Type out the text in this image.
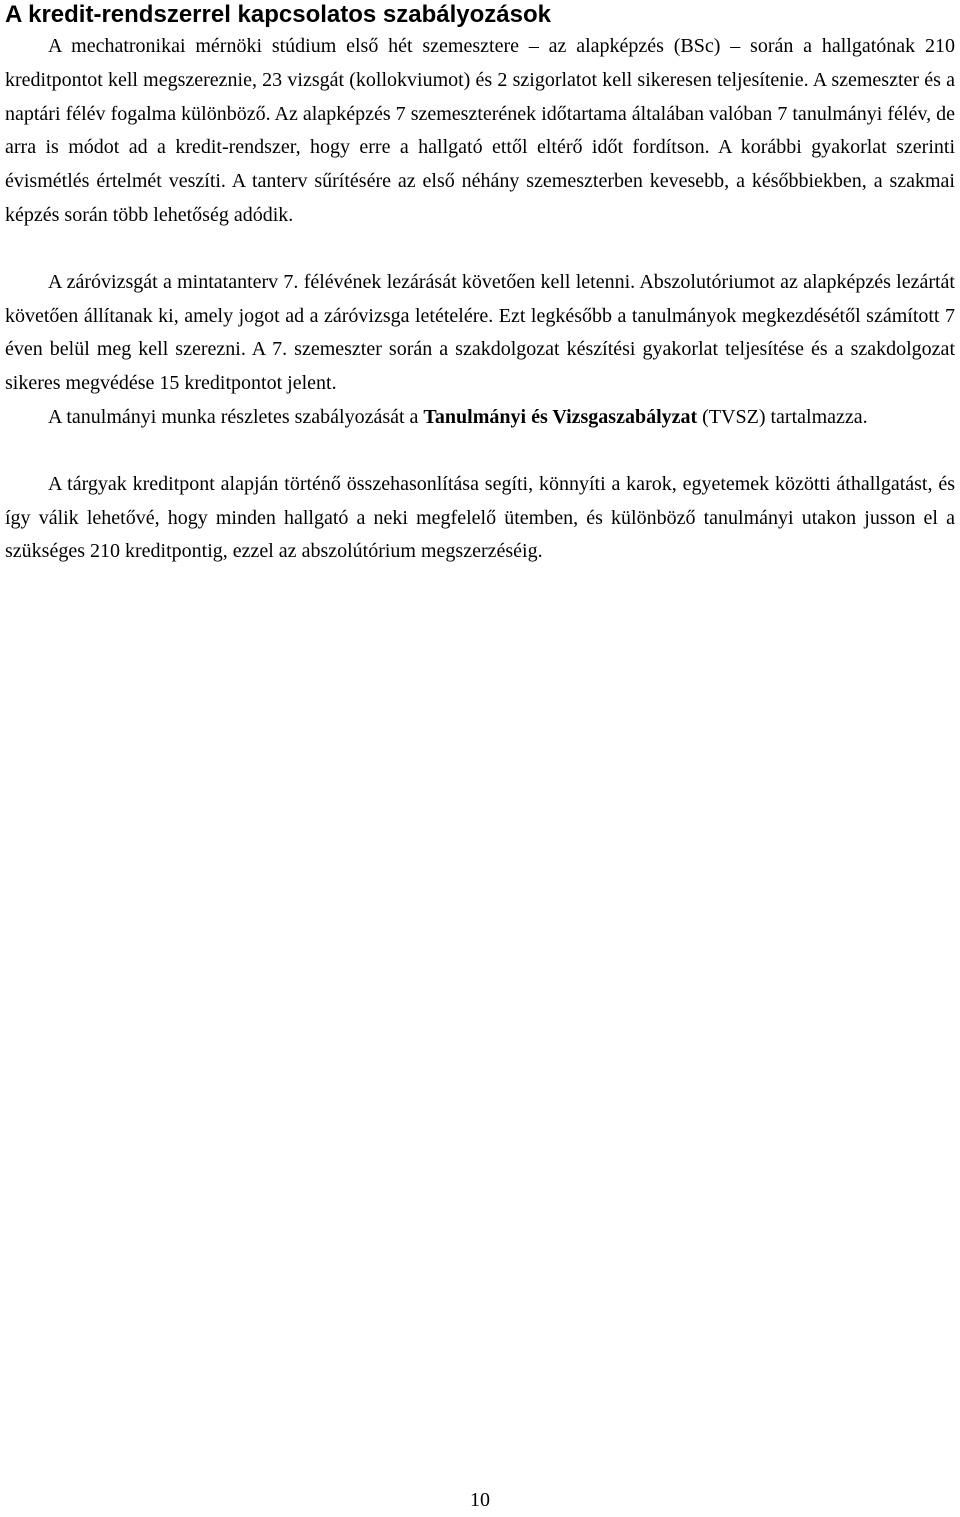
A kredit-rendszerrel kapcsolatos szabályozások

A mechatronikai mérnöki stúdium első hét szemesztere – az alapképzés (BSc) – során a hallgatónak 210 kreditpontot kell megszereznie, 23 vizsgát (kollokviumot) és 2 szigorlatot kell sikeresen teljesítenie. A szemeszter és a naptári félév fogalma különböző. Az alapképzés 7 szemeszterének időtartama általában valóban 7 tanulmányi félév, de arra is módot ad a kredit-rendszer, hogy erre a hallgató ettől eltérő időt fordítson. A korábbi gyakorlat szerinti évismétlés értelmét veszíti. A tanterv sűrítésére az első néhány szemeszterben kevesebb, a későbbiekben, a szakmai képzés során több lehetőség adódik.

A záróvizsgát a mintatanterv 7. félévének lezárását követően kell letenni. Abszolutóriumot az alapképzés lezártát követően állítanak ki, amely jogot ad a záróvizsga letételére. Ezt legkésőbb a tanulmányok megkezdésétől számított 7 éven belül meg kell szerezni. A 7. szemeszter során a szakdolgozat készítési gyakorlat teljesítése és a szakdolgozat sikeres megvédése 15 kreditpontot jelent.

A tanulmányi munka részletes szabályozását a Tanulmányi és Vizsgaszabályzat (TVSZ) tartalmazza.

A tárgyak kreditpont alapján történő összehasonlítása segíti, könnyíti a karok, egyetemek közötti áthallgatást, és így válik lehetővé, hogy minden hallgató a neki megfelelő ütemben, és különböző tanulmányi utakon jusson el a szükséges 210 kreditpontig, ezzel az abszolútórium megszerzéséig.

10
